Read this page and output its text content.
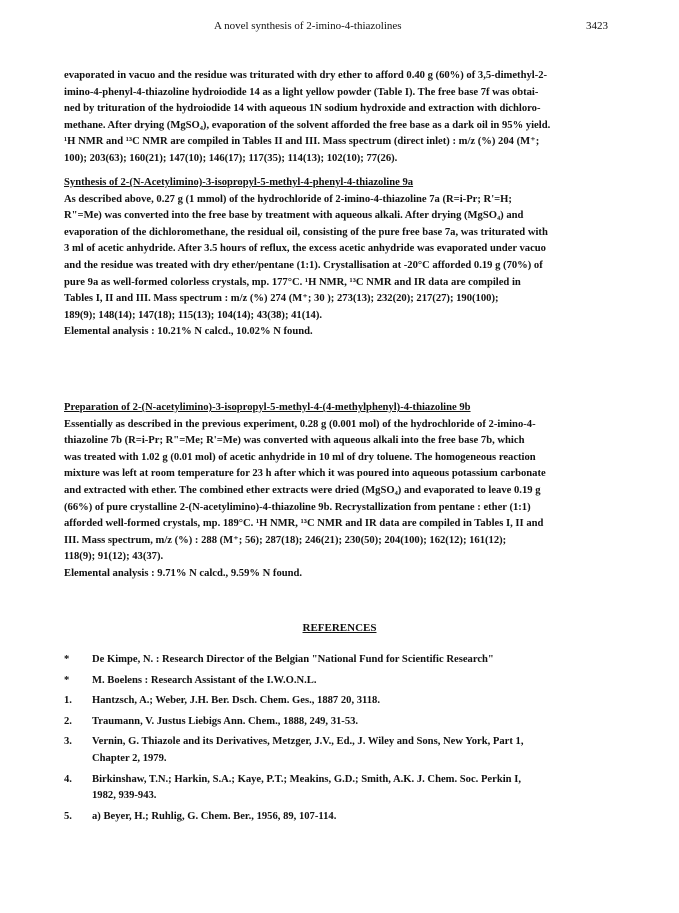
A novel synthesis of 2-imino-4-thiazolines	3423

evaporated in vacuo and the residue was triturated with dry ether to afford 0.40 g (60%) of 3,5-dimethyl-2-

imino-4-phenyl-4-thiazoline hydroiodide 14 as a light yellow powder (Table I). The free base 7f was obtai-

ned by trituration of the hydroiodide 14 with aqueous 1N sodium hydroxide and extraction with dichloro-

methane. After drying (MgSO₄), evaporation of the solvent afforded the free base as a dark oil in 95% yield.

¹H NMR and ¹³C NMR are compiled in Tables II and III. Mass spectrum (direct inlet) : m/z (%) 204 (M⁺;

100); 203(63); 160(21); 147(10); 146(17); 117(35); 114(13); 102(10); 77(26).

Synthesis of 2-(N-Acetylimino)-3-isopropyl-5-methyl-4-phenyl-4-thiazoline 9a

As described above, 0.27 g (1 mmol) of the hydrochloride of 2-imino-4-thiazoline 7a (R=i-Pr; R'=H;

R"=Me) was converted into the free base by treatment with aqueous alkali. After drying (MgSO₄) and

evaporation of the dichloromethane, the residual oil, consisting of the pure free base 7a, was triturated with

3 ml of acetic anhydride. After 3.5 hours of reflux, the excess acetic anhydride was evaporated under vacuo

and the residue was treated with dry ether/pentane (1:1). Crystallisation at -20°C afforded 0.19 g (70%) of

pure 9a as well-formed colorless crystals, mp. 177°C. ¹H NMR, ¹³C NMR and IR data are compiled in

Tables I, II and III. Mass spectrum : m/z (%) 274 (M⁺; 30 ); 273(13); 232(20); 217(27); 190(100);

189(9); 148(14); 147(18); 115(13); 104(14); 43(38); 41(14).

Elemental analysis : 10.21% N calcd., 10.02% N found.

Preparation of 2-(N-acetylimino)-3-isopropyl-5-methyl-4-(4-methylphenyl)-4-thiazoline 9b

Essentially as described in the previous experiment, 0.28 g (0.001 mol) of the hydrochloride of 2-imino-4-

thiazoline 7b (R=i-Pr; R"=Me; R'=Me) was converted with aqueous alkali into the free base 7b, which

was treated with 1.02 g (0.01 mol) of acetic anhydride in 10 ml of dry toluene. The homogeneous reaction

mixture was left at room temperature for 23 h after which it was poured into aqueous potassium carbonate

and extracted with ether. The combined ether extracts were dried (MgSO₄) and evaporated to leave 0.19 g

(66%) of pure crystalline 2-(N-acetylimino)-4-thiazoline 9b. Recrystallization from pentane : ether (1:1)

afforded well-formed crystals, mp. 189°C. ¹H NMR, ¹³C NMR and IR data are compiled in Tables I, II and

III. Mass spectrum, m/z (%) : 288 (M⁺; 56); 287(18); 246(21); 230(50); 204(100); 162(12); 161(12);

118(9); 91(12); 43(37).

Elemental analysis : 9.71% N calcd., 9.59% N found.

REFERENCES
*	De Kimpe, N. : Research Director of the Belgian "National Fund for Scientific Research"
*	M. Boelens : Research Assistant of the I.W.O.N.L.
1.	Hantzsch, A.; Weber, J.H. Ber. Dsch. Chem. Ges., 1887 20, 3118.
2.	Traumann, V. Justus Liebigs Ann. Chem., 1888, 249, 31-53.
3.	Vernin, G. Thiazole and its Derivatives, Metzger, J.V., Ed., J. Wiley and Sons, New York, Part 1,
Chapter 2, 1979.
4.	Birkinshaw, T.N.; Harkin, S.A.; Kaye, P.T.; Meakins, G.D.; Smith, A.K. J. Chem. Soc. Perkin I,
1982, 939-943.
5.	a) Beyer, H.; Ruhlig, G. Chem. Ber., 1956, 89, 107-114.
